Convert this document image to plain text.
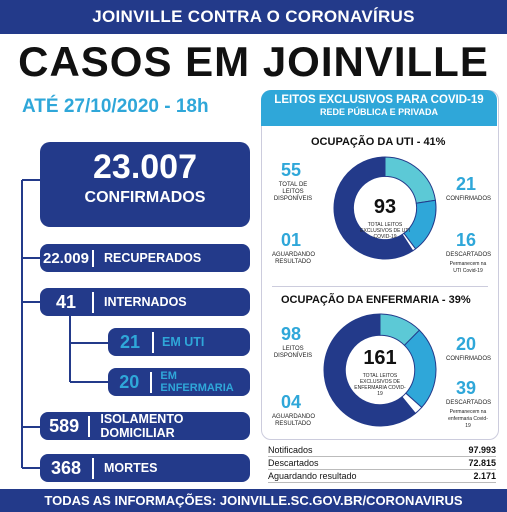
JOINVILLE CONTRA O CORONAVÍRUS
CASOS EM JOINVILLE
ATÉ 27/10/2020 - 18h
23.007
CONFIRMADOS
22.009	RECUPERADOS
41	INTERNADOS
21	EM UTI
20	EM ENFERMARIA
589	ISOLAMENTO DOMICILIAR
368	MORTES
LEITOS EXCLUSIVOS PARA COVID-19
REDE PÚBLICA E PRIVADA
OCUPAÇÃO DA UTI - 41%
93
TOTAL LEITOS EXCLUSIVOS DE UTI COVID-19
55
TOTAL DE LEITOS DISPONÍVEIS
01
AGUARDANDO RESULTADO
21
CONFIRMADOS
16
DESCARTADOS
Permanecem na UTI Covid-19
OCUPAÇÃO DA ENFERMARIA - 39%
161
TOTAL LEITOS EXCLUSIVOS DE ENFERMARIA COVID-19
98
LEITOS DISPONÍVEIS
04
AGUARDANDO RESULTADO
20
CONFIRMADOS
39
DESCARTADOS
Permanecem na enfermaria Covid-19
Notificados	97.993
Descartados	72.815
Aguardando resultado	2.171
TODAS AS INFORMAÇÕES: JOINVILLE.SC.GOV.BR/CORONAVIRUS
